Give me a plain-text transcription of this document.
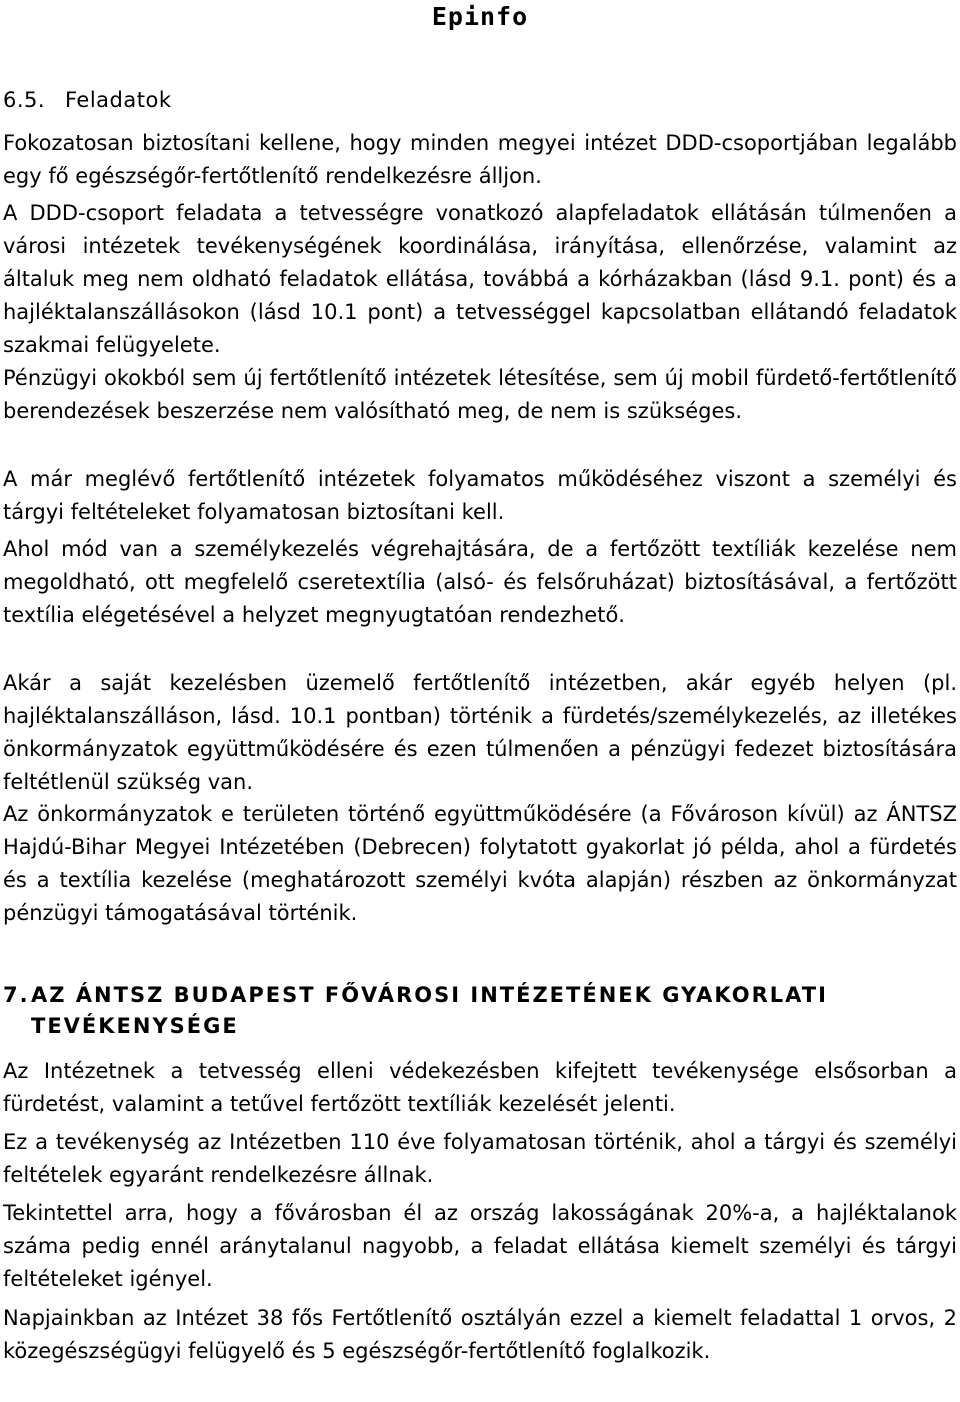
Epinfo
6.5. Feladatok

Fokozatosan biztosítani kellene, hogy minden megyei intézet DDD-csoportjában legalább egy fő egészségőr-fertőtlenítő rendelkezésre álljon.

A DDD-csoport feladata a tetvességre vonatkozó alapfeladatok ellátásán túlmenően a városi intézetek tevékenységének koordinálása, irányítása, ellenőrzése, valamint az általuk meg nem oldható feladatok ellátása, továbbá a kórházakban (lásd 9.1. pont) és a hajléktalanszállásokon (lásd 10.1 pont) a tetvességgel kapcsolatban ellátandó feladatok szakmai felügyelete.

Pénzügyi okokból sem új fertőtlenítő intézetek létesítése, sem új mobil fürdető-fertőtlenítő berendezések beszerzése nem valósítható meg, de nem is szükséges.

A már meglévő fertőtlenítő intézetek folyamatos működéséhez viszont a személyi és tárgyi feltételeket folyamatosan biztosítani kell.

Ahol mód van a személykezelés végrehajtására, de a fertőzött textíliák kezelése nem megoldható, ott megfelelő cseretextília (alsó- és felsőruházat) biztosításával, a fertőzött textília elégetésével a helyzet megnyugtatóan rendezhető.

Akár a saját kezelésben üzemelő fertőtlenítő intézetben, akár egyéb helyen (pl. hajléktalanszálláson, lásd. 10.1 pontban) történik a fürdetés/személykezelés, az illetékes önkormányzatok együttműködésére és ezen túlmenően a pénzügyi fedezet biztosítására feltétlenül szükség van.

Az önkormányzatok e területen történő együttműködésére (a Fővároson kívül) az ÁNTSZ Hajdú-Bihar Megyei Intézetében (Debrecen) folytatott gyakorlat jó példa, ahol a fürdetés és a textília kezelése (meghatározott személyi kvóta alapján) részben az önkormányzat pénzügyi támogatásával történik.

7.AZ ÁNTSZ BUDAPEST FŐVÁROSI INTÉZETÉNEK GYAKORLATI
TEVÉKENYSÉGE

Az Intézetnek a tetvesség elleni védekezésben kifejtett tevékenysége elsősorban a fürdetést, valamint a tetűvel fertőzött textíliák kezelését jelenti.

Ez a tevékenység az Intézetben 110 éve folyamatosan történik, ahol a tárgyi és személyi feltételek egyaránt rendelkezésre állnak.

Tekintettel arra, hogy a fővárosban él az ország lakosságának 20%-a, a hajléktalanok száma pedig ennél aránytalanul nagyobb, a feladat ellátása kiemelt személyi és tárgyi feltételeket igényel.

Napjainkban az Intézet 38 fős Fertőtlenítő osztályán ezzel a kiemelt feladattal 1 orvos, 2 közegészségügyi felügyelő és 5 egészségőr-fertőtlenítő foglalkozik.
